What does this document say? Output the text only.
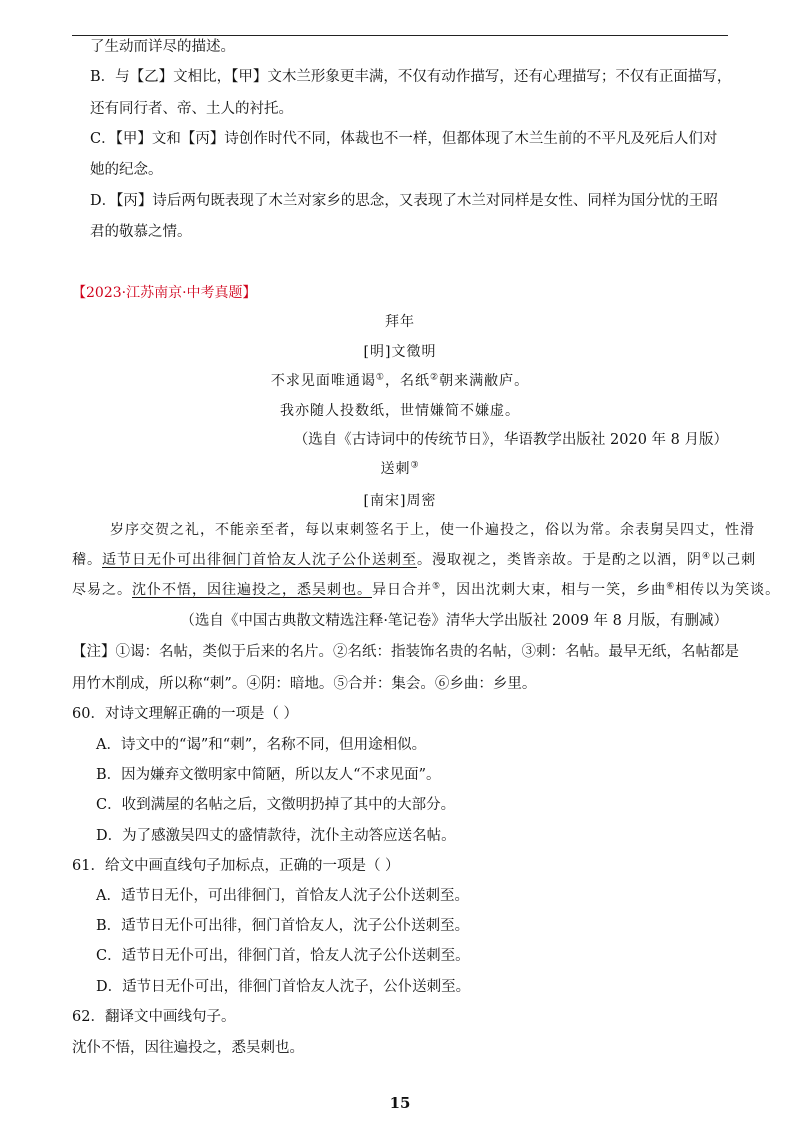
了生动而详尽的描述。
B．与【乙】文相比，【甲】文木兰形象更丰满，不仅有动作描写，还有心理描写；不仅有正面描写，
还有同行者、帝、土人的衬托。
C．【甲】文和【丙】诗创作时代不同，体裁也不一样，但都体现了木兰生前的不平凡及死后人们对
她的纪念。
D．【丙】诗后两句既表现了木兰对家乡的思念，又表现了木兰对同样是女性、同样为国分忧的王昭
君的敬慕之情。
【2023·江苏南京·中考真题】
拜年
[明]文徵明
不求见面唯通谒①，名纸②朝来满敝庐。
我亦随人投数纸，世情嫌简不嫌虚。
（选自《古诗词中的传统节日》，华语教学出版社 2020 年 8 月版）
送刺③
[南宋]周密
岁序交贺之礼，不能亲至者，每以束刺签名于上，使一仆遍投之，俗以为常。余表舅吴四丈，性滑
稽。适节日无仆可出徘徊门首恰友人沈子公仆送刺至。漫取视之，类皆亲故。于是酌之以酒，阴④以己刺
尽易之。沈仆不悟，因往遍投之，悉吴刺也。异日合并⑤，因出沈刺大束，相与一笑，乡曲⑥相传以为笑谈。
（选自《中国古典散文精选注释·笔记卷》清华大学出版社 2009 年 8 月版，有删减）
【注】①谒：名帖，类似于后来的名片。②名纸：指装饰名贵的名帖，③刺：名帖。最早无纸，名帖都是
用竹木削成，所以称“刺”。④阴：暗地。⑤合并：集会。⑥乡曲：乡里。
60．对诗文理解正确的一项是（ ）
A．诗文中的“谒”和“刺”，名称不同，但用途相似。
B．因为嫌弃文徵明家中简陋，所以友人“不求见面”。
C．收到满屋的名帖之后，文徵明扔掉了其中的大部分。
D．为了感激吴四丈的盛情款待，沈仆主动答应送名帖。
61．给文中画直线句子加标点，正确的一项是（ ）
A．适节日无仆，可出徘徊门，首恰友人沈子公仆送刺至。
B．适节日无仆可出徘，徊门首恰友人，沈子公仆送刺至。
C．适节日无仆可出，徘徊门首，恰友人沈子公仆送刺至。
D．适节日无仆可出，徘徊门首恰友人沈子，公仆送刺至。
62．翻译文中画线句子。
沈仆不悟，因往遍投之，悉吴刺也。
15
